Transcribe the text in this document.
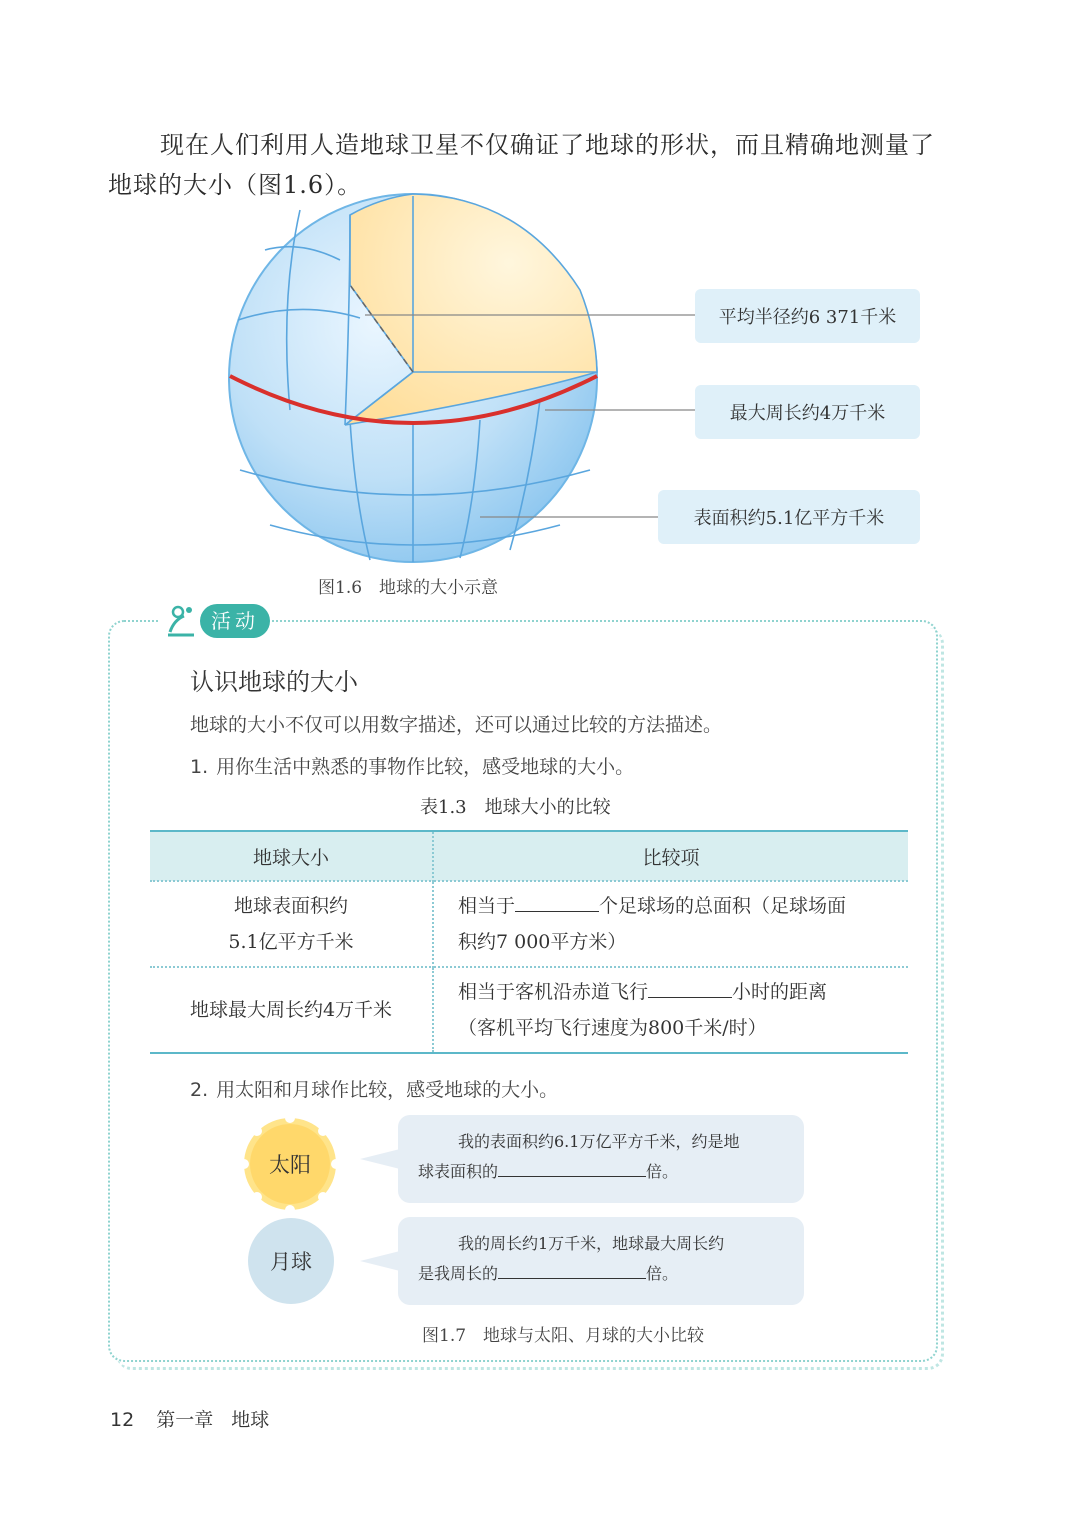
现在人们利用人造地球卫星不仅确证了地球的形状，而且精确地测量了地球的大小（图1.6）。

平均半径约6 371千米
最大周长约4万千米
表面积约5.1亿平方千米
图1.6　地球的大小示意
活动
认识地球的大小
地球的大小不仅可以用数字描述，还可以通过比较的方法描述。
1. 用你生活中熟悉的事物作比较，感受地球的大小。
表1.3　地球大小的比较
地球大小	比较项
地球表面积约
5.1亿平方千米	相当于 个足球场的总面积（足球场面
积约7 000平方米）
地球最大周长约4万千米	相当于客机沿赤道飞行 小时的距离
（客机平均飞行速度为800千米/时）
2. 用太阳和月球作比较，感受地球的大小。
太阳
我的表面积约6.1万亿平方千米，约是地
球表面积的	倍。
月球
我的周长约1万千米，地球最大周长约
是我周长的	倍。
图1.7　地球与太阳、月球的大小比较
12 第一章 地球
